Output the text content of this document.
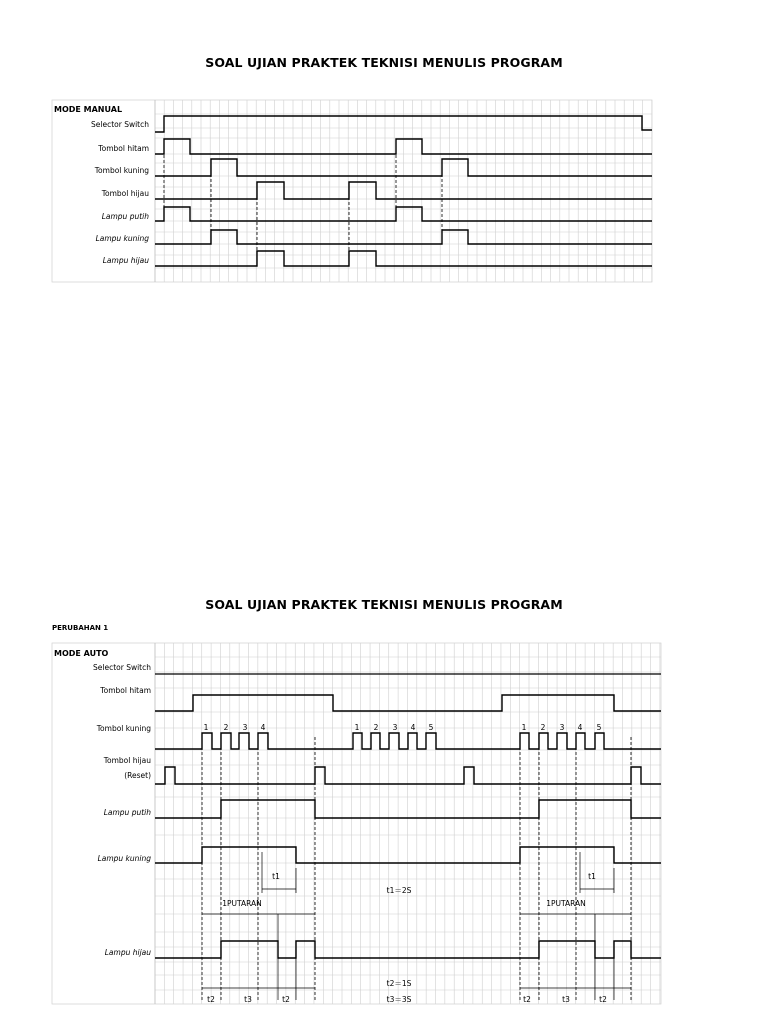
SOAL UJIAN PRAKTEK TEKNISI MENULIS PROGRAM
SOAL UJIAN PRAKTEK TEKNISI MENULIS PROGRAM
PERUBAHAN 1
MODE MANUAL
Selector Switch
Tombol hitam
Tombol kuning
Tombol hijau
Lampu putih
Lampu kuning
Lampu hijau
MODE AUTO
Selector Switch
Tombol hitam
Tombol kuning
Tombol hijau
(Reset)
Lampu putih
Lampu kuning
Lampu hijau
1 2 3 4	1 2 3 4 5	1 2 3 4 5
t1	t1
t1＝2S
1PUTARAN	1PUTARAN
t2	t3	t2	t2	t3	t2
t2＝1S
t3＝3S
